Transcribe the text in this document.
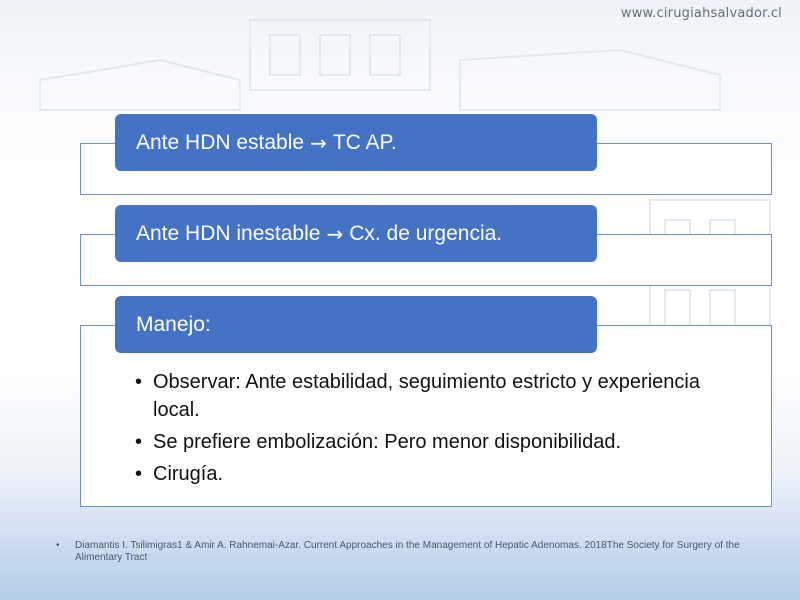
www.cirugiahsalvador.cl
Ante HDN estable → TC AP.
Ante HDN inestable → Cx. de urgencia.
Manejo:
• Observar: Ante estabilidad, seguimiento estricto y experiencia local.
• Se prefiere embolización: Pero menor disponibilidad.
• Cirugía.
•	Diamantis I. Tsilimigras1 & Amir A. Rahnemai-Azar. Current Approaches in the Management of Hepatic Adenomas. 2018The Society for Surgery of the Alimentary Tract
